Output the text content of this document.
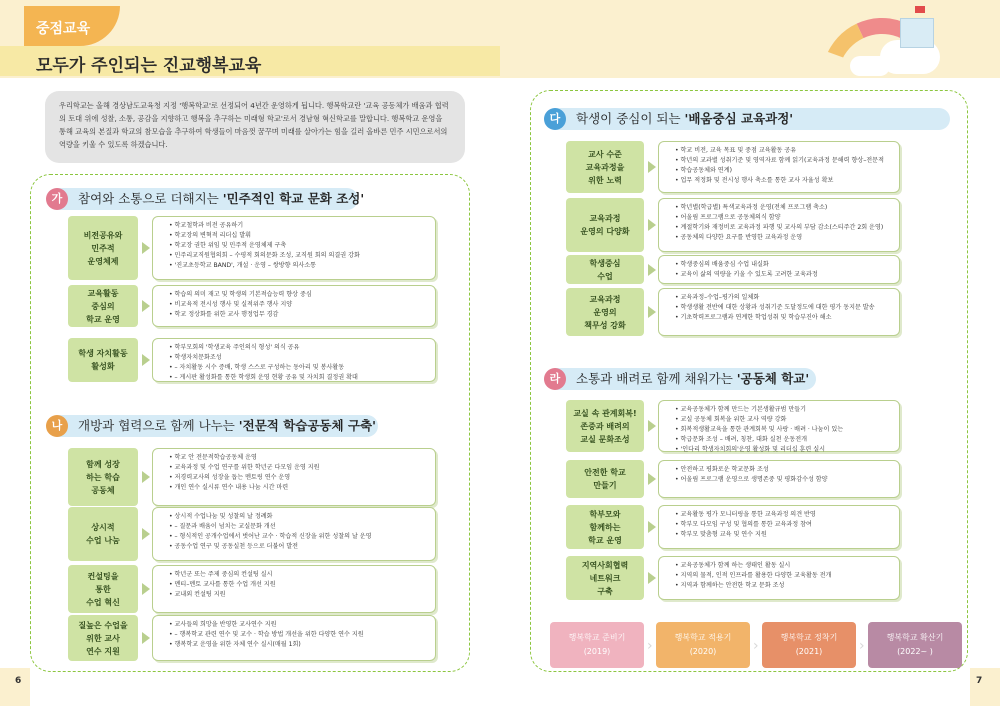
중점교육
모두가 주인되는 진교행복교육
우리학교는 올해 경상남도교육청 지정 '행복학교'로 선정되어 4년간 운영하게 됩니다. 행복학교란 '교육 공동체가 배움과 협력의 토대 위에 성찰, 소통, 공감을 지향하고 행복을 추구하는 미래형 학교'로서 경남형 혁신학교를 말합니다. 행복학교 운영을 통해 교육의 본질과 학교의 참모습을 추구하여 학생들이 마음껏 꿈꾸며 미래를 살아가는 힘을 길러 올바른 민주 시민으로서의 역량을 키울 수 있도록 하겠습니다.
가	참여와 소통으로 더해지는 '민주적인 학교 문화 조성'
비전공유와
민주적
운영체제
• 학교철학과 비전 공유하기
• 학교장의 변혁적 리더십 발휘
• 학교장 권한 위임 및 민주적 운영체제 구축
• 민주리교직원협의회 – 수평적 회의문화 조성, 교직원 회의 의결권 강화
• '진교초등학교 BAND', 개설 · 운영 – 쌍방향 의사소통
교육활동
중심의
학교 운영
• 학습의 의미 재고 및 학생의 기본적습능력 향상 중심
• 비교육적 전시성 행사 및 실적위주 행사 지양
• 학교 정상화를 위한 교사 행정업무 경감
학생 자치활동
활성화
• 학부모회의 '학생교육 주인의식 형성' 의식 공유
• 학생자치문화조성
• – 자치활동 시수 증배, 학생 스스로 구성하는 동아리 및 봉사활동
• – 게시판 활성화를 통한 학생회 운영 현황 공유 및 자치회 결정권 확대
나	개방과 협력으로 함께 나누는 '전문적 학습공동체 구축'
함께 성장
하는 학습
공동체
• 학교 안 전문적학습공동체 운영
• 교육과정 및 수업 연구를 위한 학년군 다모임 운영 지원
• 저경력교사의 성장을 돕는 멘토링 연수 운영
• 개인 연수 실시류 연수 내용 나눔 시간 마련
상시적
수업 나눔
• 상시적 수업나눔 및 성찰의 날 정례화
• – 질문과 배움이 넘치는 교실문화 개선
• – 형식적인 공개수업에서 벗어난 교수 · 학습적 신장을 위한 성찰의 날 운영
• 공동수업 연구 및 공동실천 등으로 더불어 발전
컨설팅을
통한
수업 혁신
• 학년군 또는 주제 중심의 컨설팅 실시
• 멘티–멘토 교사를 통한 수업 개선 지원
• 교내외 컨설팅 지원
질높은 수업을
위한 교사
연수 지원
• 교사들의 희망을 반영한 교사연수 지원
• – 행복학교 관련 연수 및 교수 · 학습 방법 개선을 위한 다양한 연수 지원
• 행복학교 운영을 위한 자체 연수 실시(매월 1회)
다	학생이 중심이 되는 '배움중심 교육과정'
교사 수준
교육과정을
위한 노력
• 학교 비전, 교육 목표 및 중점 교육활동 공유
• 학년의 교과별 성취기준 및 영역자료 함께 읽기(교육과정 문해력 향상–전문적
• 학습공동체와 연계)
• 업무 적정화 및 전시성 행사 축소를 통한 교사 자율성 확보
교육과정
운영의 다양화
• 학년별(학급별) 특색교육과정 운영(전체 프로그램 축소)
• 어울림 프로그램으로 공동체의식 함양
• 계절학기와 재정비로 교육과정 파행 및 교사의 부담 감소(스티주간 2회 운영)
• 공동체의 다양한 요구를 반영한 교육과정 운영
학생중심
수업
• 학생중심의 배움중심 수업 내실화
• 교육이 삶의 역량을 키울 수 있도록 고려한 교육과정
교육과정
운영의
책무성 강화
• 교육과정–수업–평가의 일체화
• 학생생활 전반에 대한 상황과 성취기준 도달정도에 대한 평가 동지문 발송
• 기초학력프로그램과 연계한 학업성취 및 학습부진아 해소
라	소통과 배려로 함께 채워가는 '공동체 학교'
교실 속 관계회복!
존중과 배려의
교실 문화조성
• 교육공동체가 함께 만드는 기본생활규범 만들기
• 교실 공동체 회복을 위한 교사 역량 강화
• 회복적생활교육을 통한 관계회복 및 사랑 · 배려 · 나눔이 있는
• 학급문화 조성 – 배려, 칭찬, 대화 실천 운동전개
• '인다리 학생자치회의'운영 활성화 및 리더십 훈련 실시
안전한 학교
만들기
• 안전하고 평화로운 학교문화 조성
• 어울림 프로그램 운영으로 생명존중 및 평화감수성 함양
학부모와
함께하는
학교 운영
• 교육활동 평가 모니터링을 통한 교육과정 의견 반영
• 학부모 다모임 구성 및 협의를 통한 교육과정 참여
• 학부모 맞춤형 교육 및 연수 지원
지역사회협력
네트워크
구축
• 교육공동체가 함께 하는 생태인 활동 실시
• 지역의 물적, 인적 인프라를 활용한 다양한 교육활동 전개
• 지역과 함께하는 안전한 학교 문화 조성
행복학교 준비기
(2019)	›
행복학교 적용기
(2020)	›
행복학교 정착기
(2021)	›
행복학교 확산기
(2022~ )
6	7
